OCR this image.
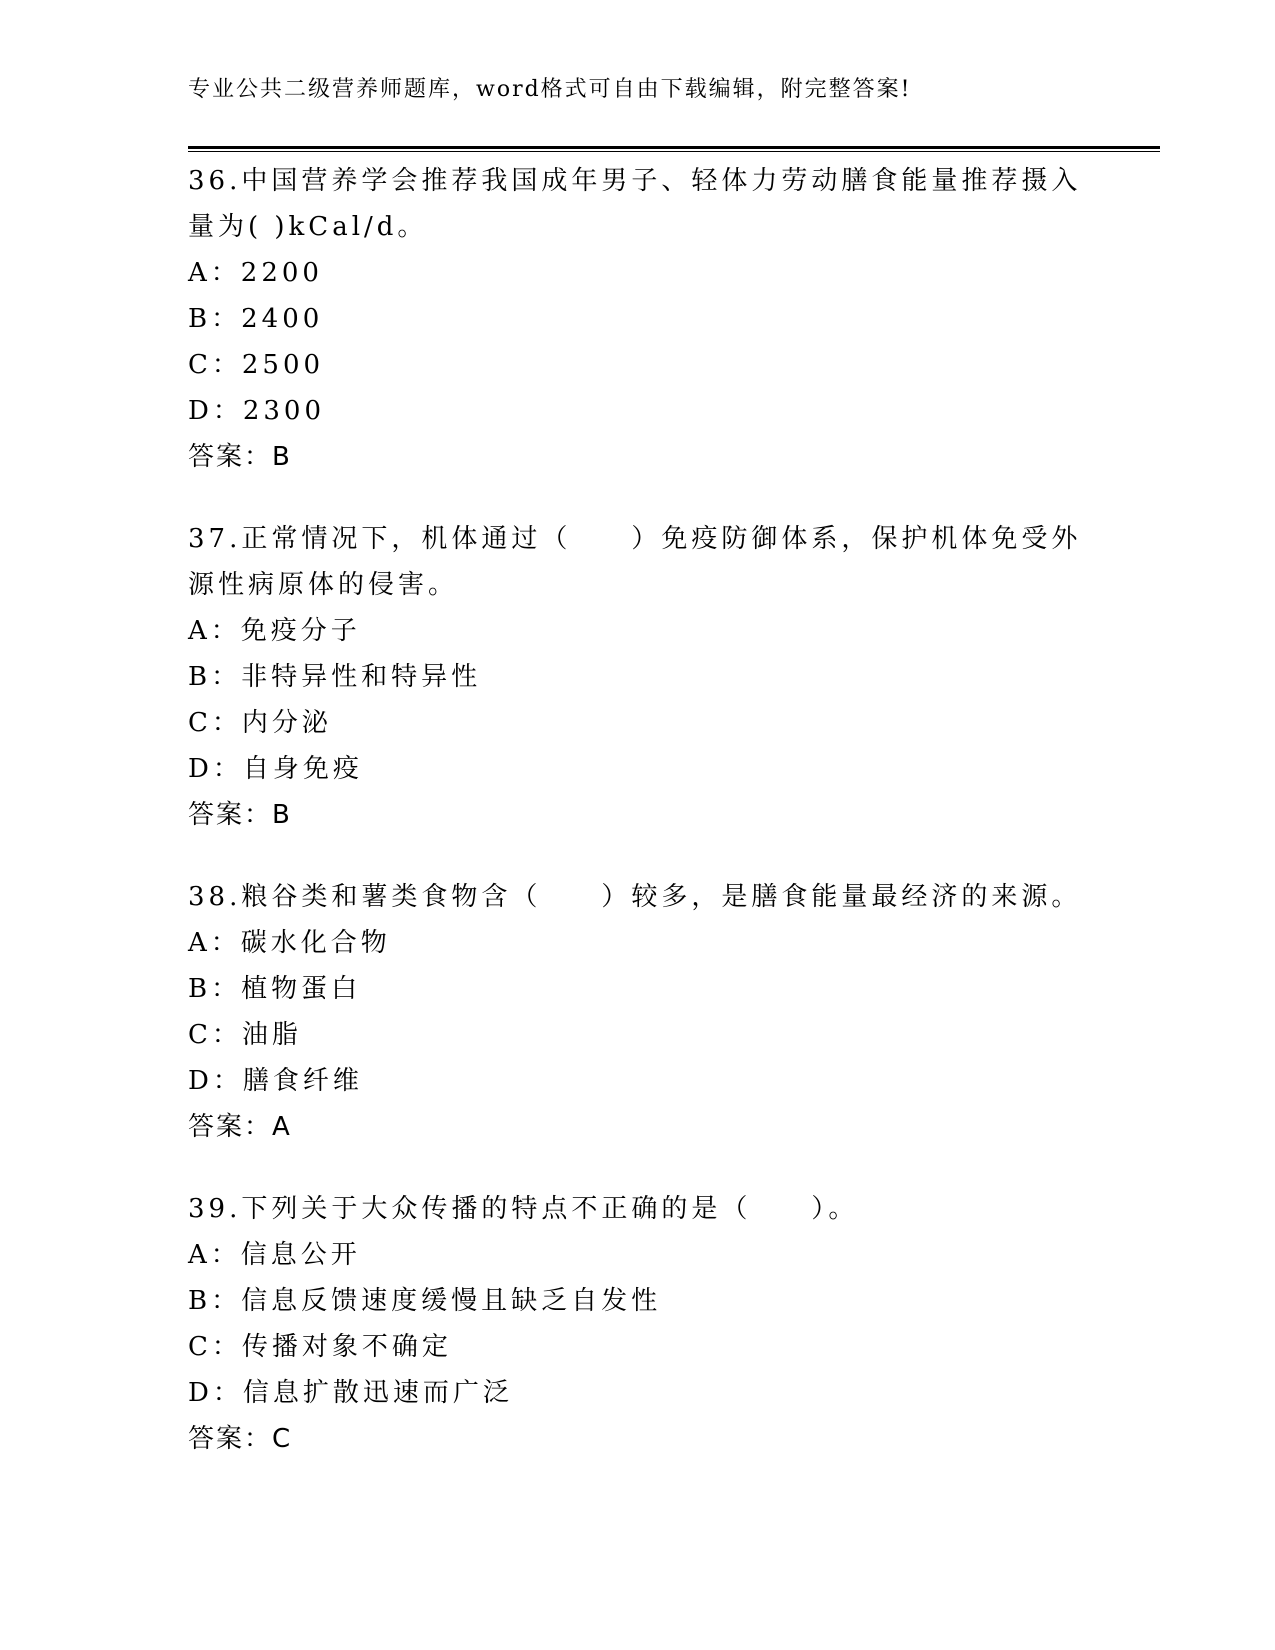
专业公共二级营养师题库，word格式可自由下载编辑，附完整答案!

36.中国营养学会推荐我国成年男子、轻体力劳动膳食能量推荐摄入量为( )kCal/d。

A：2200

B：2400

C：2500

D：2300

答案：B

37.正常情况下，机体通过（　　）免疫防御体系，保护机体免受外源性病原体的侵害。

A：免疫分子

B：非特异性和特异性

C：内分泌

D：自身免疫

答案：B

38.粮谷类和薯类食物含（　　）较多，是膳食能量最经济的来源。

A：碳水化合物

B：植物蛋白

C：油脂

D：膳食纤维

答案：A

39.下列关于大众传播的特点不正确的是（　　）。

A：信息公开

B：信息反馈速度缓慢且缺乏自发性

C：传播对象不确定

D：信息扩散迅速而广泛

答案：C
